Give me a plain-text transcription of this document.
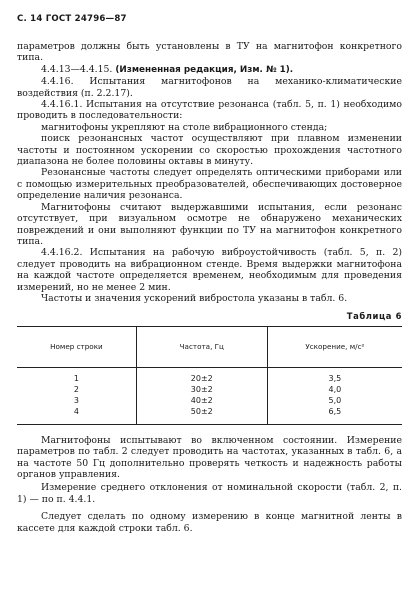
С. 14 ГОСТ 24796—87

параметров должны быть установлены в ТУ на магнитофон конкретного типа.

4.4.13—4.4.15. (Измененная редакция, Изм. № 1).

4.4.16. Испытания магнитофонов на механико-климатические воздействия (п. 2.2.17).

4.4.16.1. Испытания на отсутствие резонанса (табл. 5, п. 1) необходимо проводить в последовательности:

магнитофоны укрепляют на столе вибрационного стенда;

поиск резонансных частот осуществляют при плавном изменении частоты и постоянном ускорении со скоростью прохождения частотного диапазона не более половины октавы в минуту.

Резонансные частоты следует определять оптическими приборами или с помощью измерительных преобразователей, обеспечивающих достоверное определение наличия резонанса.

Магнитофоны считают выдержавшими испытания, если резонанс отсутствует, при визуальном осмотре не обнаружено механических повреждений и они выполняют функции по ТУ на магнитофон конкретного типа.

4.4.16.2. Испытания на рабочую виброустойчивость (табл. 5, п. 2) следует проводить на вибрационном стенде. Время выдержки магнитофона на каждой частоте определяется временем, необходимым для проведения измерений, но не менее 2 мин.

Частоты и значения ускорений вибростола указаны в табл. 6.

Таблица 6
Номер строки	Частота, Гц	Ускорение, м/с²
1	20±2	3,5
2	30±2	4,0
3	40±2	5,0
4	50±2	6,5

Магнитофоны испытывают во включенном состоянии. Измерение параметров по табл. 2 следует проводить на частотах, указанных в табл. 6, а на частоте 50 Гц дополнительно проверять четкость и надежность работы органов управления.

Измерение среднего отклонения от номинальной скорости (табл. 2, п. 1) — по п. 4.4.1.

Следует сделать по одному измерению в конце магнитной ленты в кассете для каждой строки табл. 6.
